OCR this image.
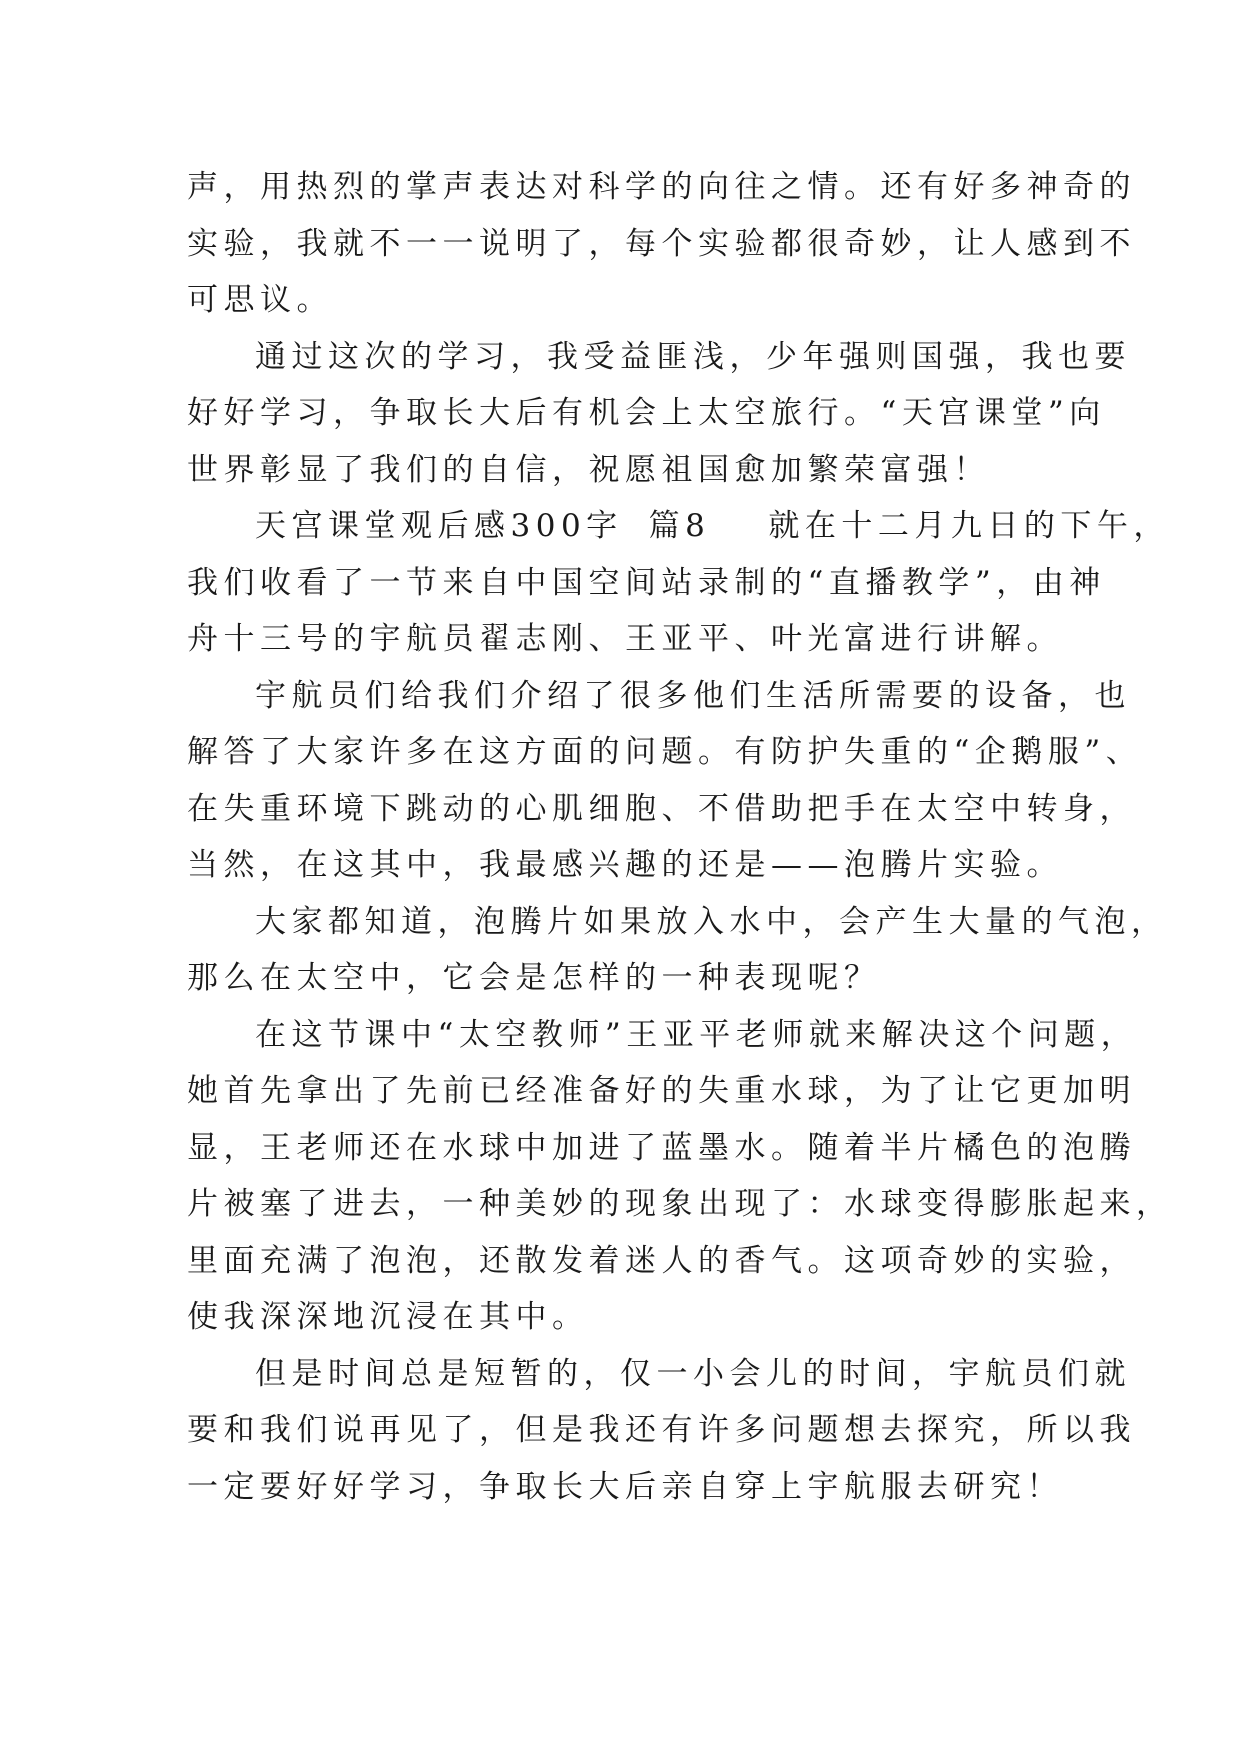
声，用热烈的掌声表达对科学的向往之情。还有好多神奇的
实验，我就不一一说明了，每个实验都很奇妙，让人感到不
可思议。
通过这次的学习，我受益匪浅，少年强则国强，我也要
好好学习，争取长大后有机会上太空旅行。“天宫课堂”向
世界彰显了我们的自信，祝愿祖国愈加繁荣富强！
天宫课堂观后感300字 篇8 就在十二月九日的下午，
我们收看了一节来自中国空间站录制的“直播教学”，由神
舟十三号的宇航员翟志刚、王亚平、叶光富进行讲解。
宇航员们给我们介绍了很多他们生活所需要的设备，也
解答了大家许多在这方面的问题。有防护失重的“企鹅服”、
在失重环境下跳动的心肌细胞、不借助把手在太空中转身，
当然，在这其中，我最感兴趣的还是——泡腾片实验。
大家都知道，泡腾片如果放入水中，会产生大量的气泡，
那么在太空中，它会是怎样的一种表现呢？
在这节课中“太空教师”王亚平老师就来解决这个问题，
她首先拿出了先前已经准备好的失重水球，为了让它更加明
显，王老师还在水球中加进了蓝墨水。随着半片橘色的泡腾
片被塞了进去，一种美妙的现象出现了：水球变得膨胀起来，
里面充满了泡泡，还散发着迷人的香气。这项奇妙的实验，
使我深深地沉浸在其中。
但是时间总是短暂的，仅一小会儿的时间，宇航员们就
要和我们说再见了，但是我还有许多问题想去探究，所以我
一定要好好学习，争取长大后亲自穿上宇航服去研究！
